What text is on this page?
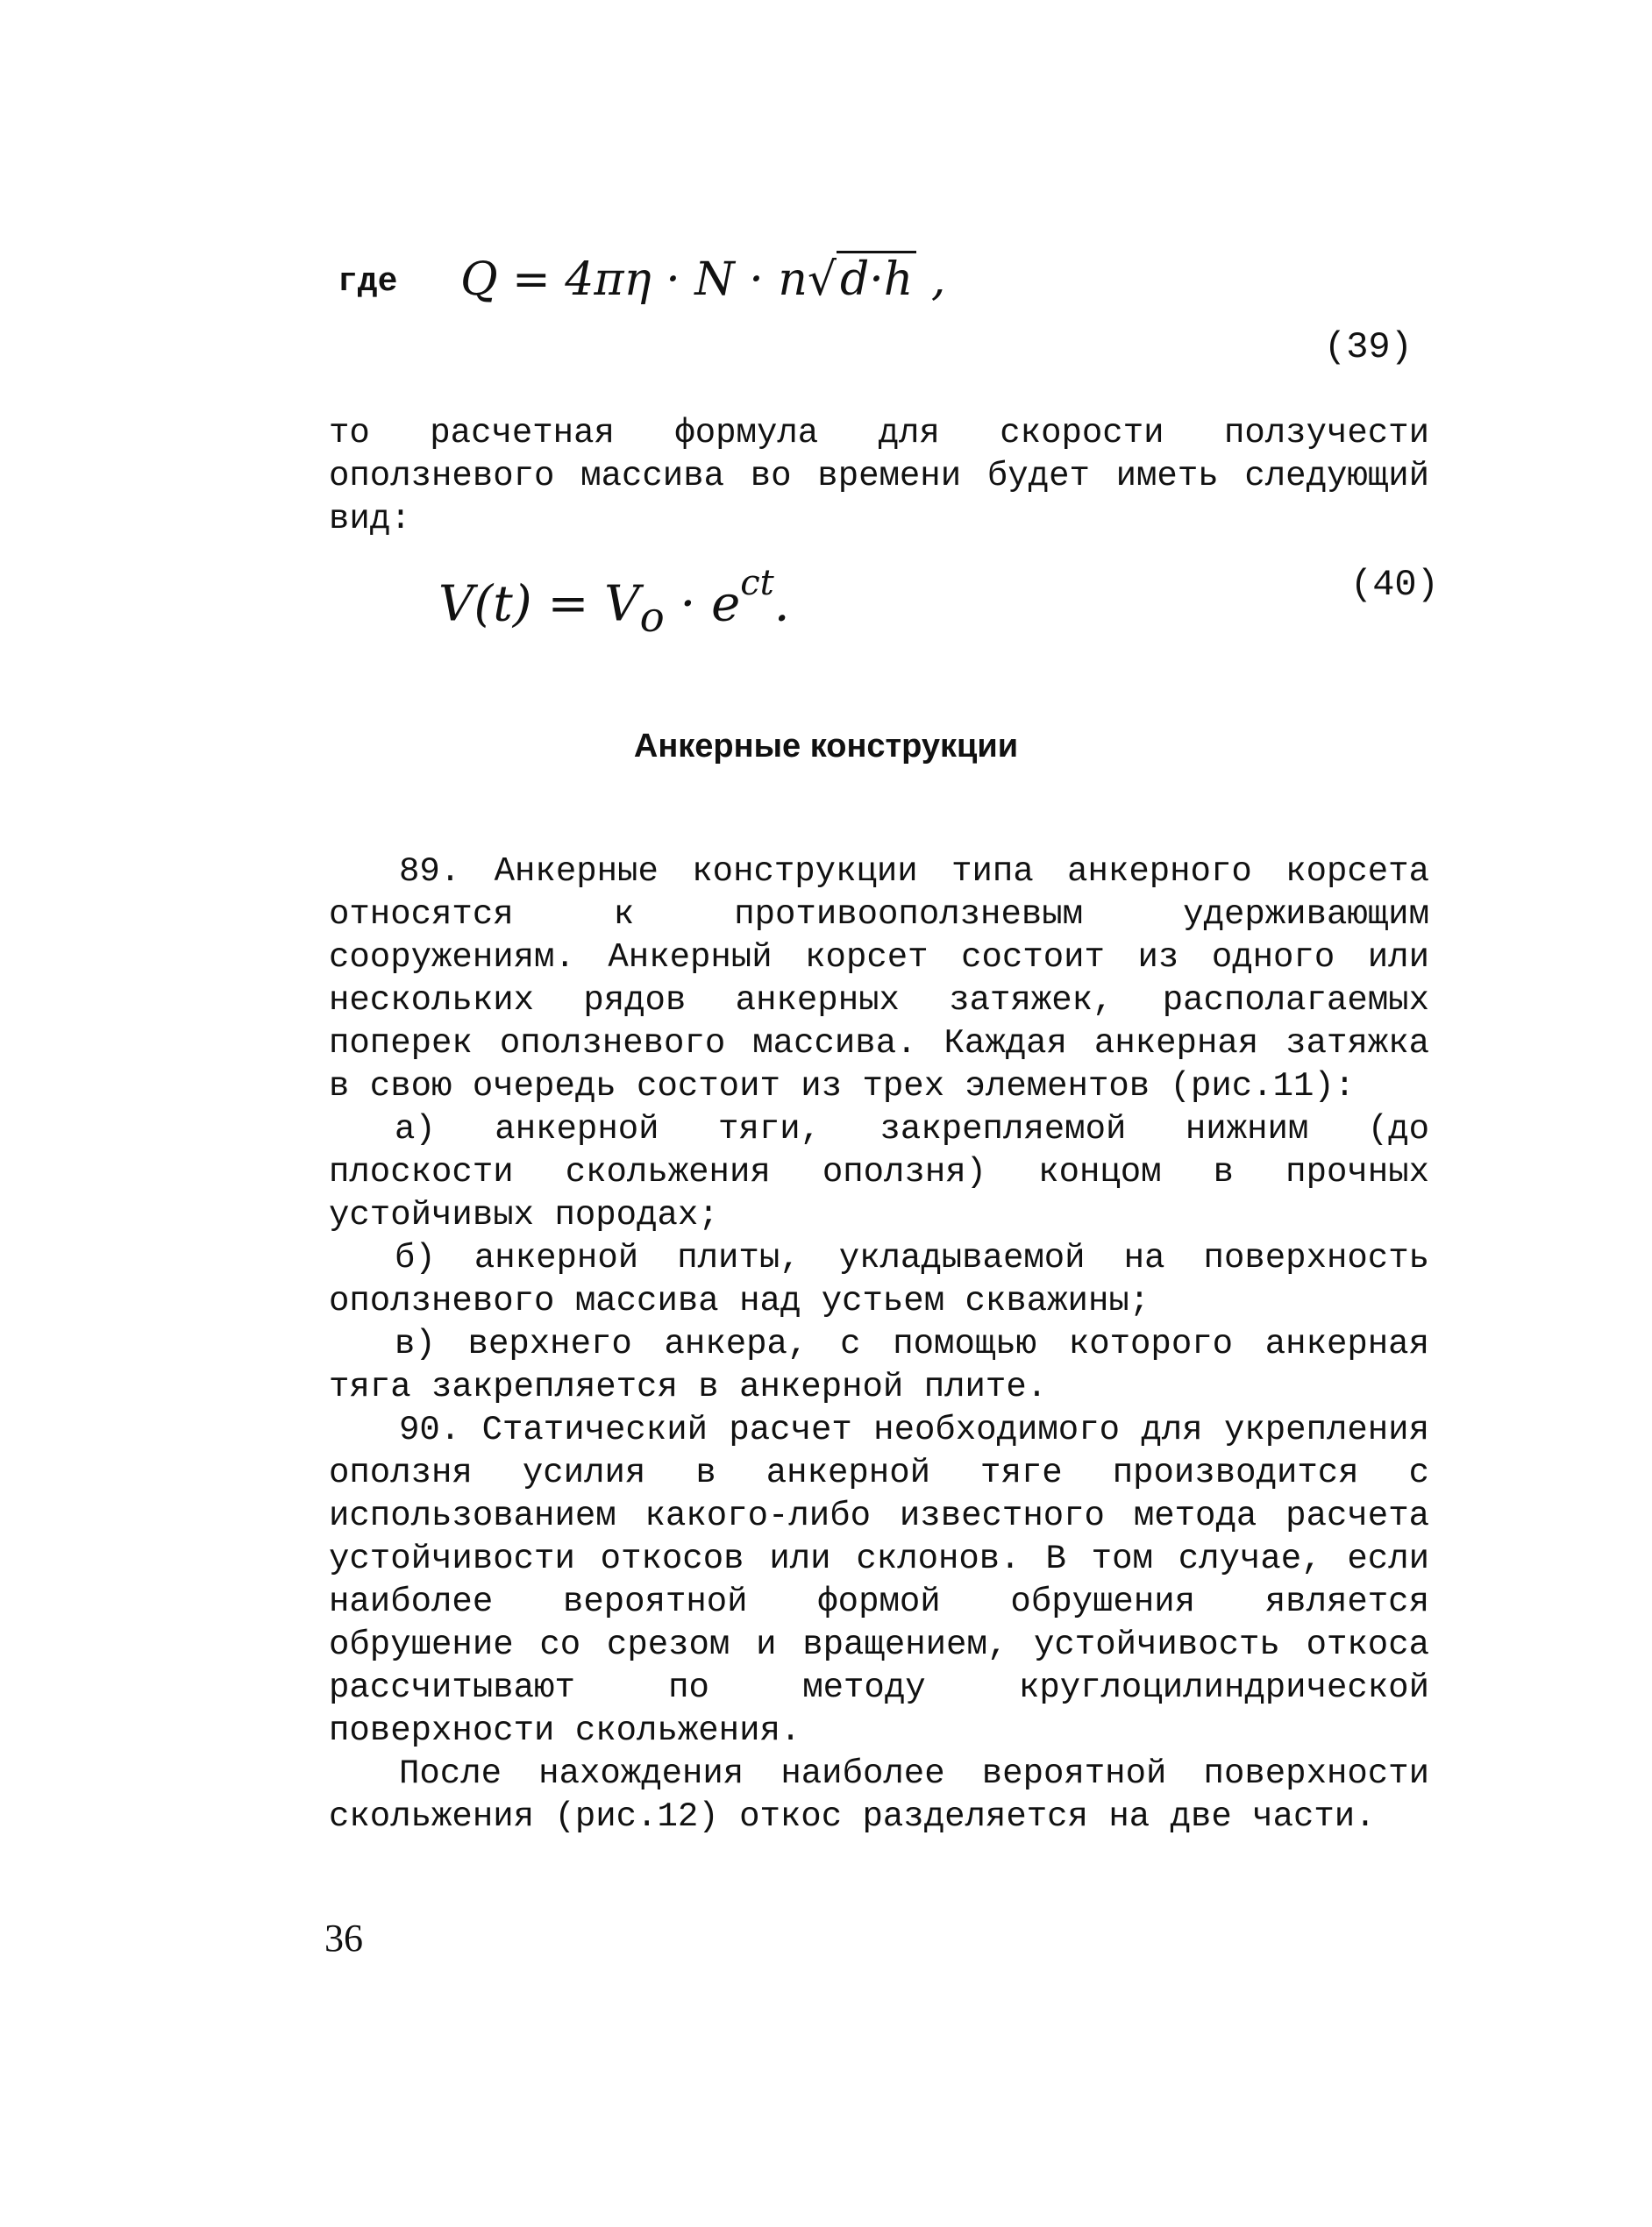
где Q = 4πη · N · n√d·h ,
(39)

то расчетная формула для скорости ползучести оползневого массива во времени будет иметь следующий вид:

$V(t) = V_o \cdot e^{ct}$.	(40)
Анкерные конструкции

89. Анкерные конструкции типа анкерного корсета относятся к противооползневым удерживающим сооружениям. Анкерный корсет состоит из одного или нескольких рядов анкерных затяжек, располагаемых поперек оползневого массива. Каждая анкерная затяжка в свою очередь состоит из трех элементов (рис.11):

а) анкерной тяги, закрепляемой нижним (до плоскости скольжения оползня) концом в прочных устойчивых породах;

б) анкерной плиты, укладываемой на поверхность оползневого массива над устьем скважины;

в) верхнего анкера, с помощью которого анкерная тяга закрепляется в анкерной плите.

90. Статический расчет необходимого для укрепления оползня усилия в анкерной тяге производится с использованием какого-либо известного метода расчета устойчивости откосов или склонов. В том случае, если наиболее вероятной формой обрушения является обрушение со срезом и вращением, устойчивость откоса рассчитывают по методу круглоцилиндрической поверхности скольжения.

После нахождения наиболее вероятной поверхности скольжения (рис.12) откос разделяется на две части.

36
